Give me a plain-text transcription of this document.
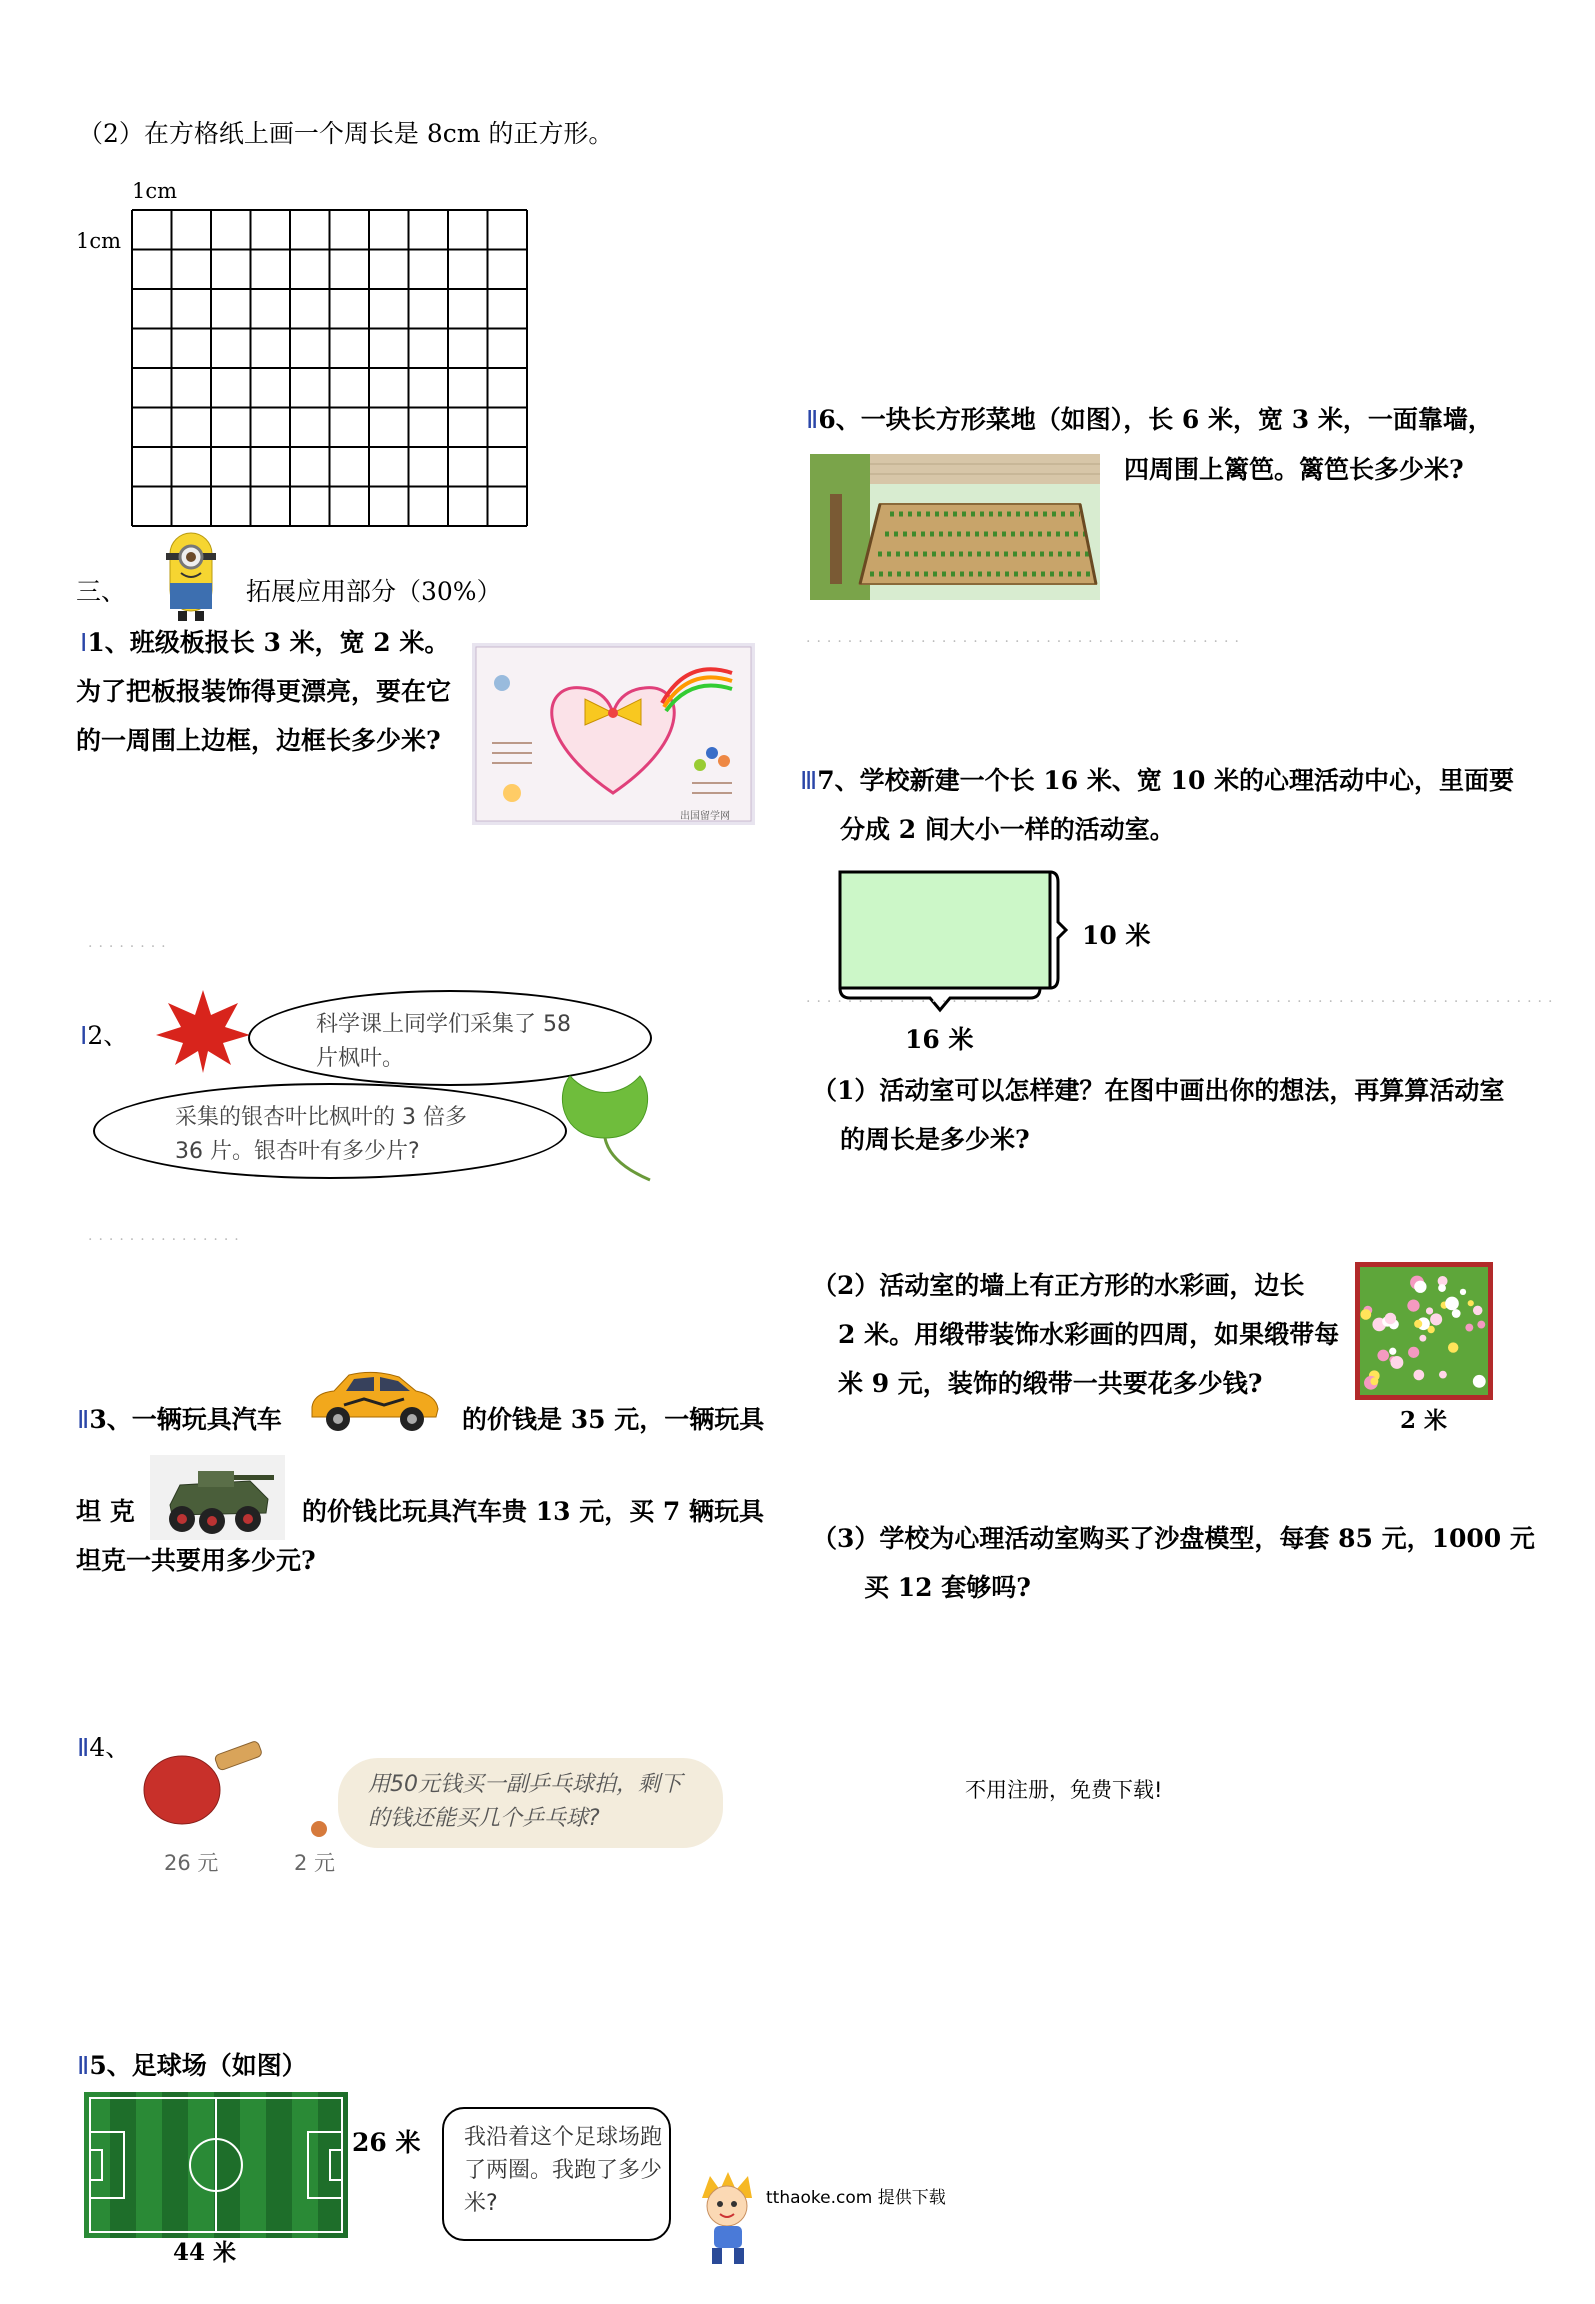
（2）在方格纸上画一个周长是 8cm 的正方形。
1cm
1cm
三、	拓展应用部分（30%）
Ⅰ1、班级板报长 3 米，宽 2 米。
为了把板报装饰得更漂亮，要在它
的一周围上边框，边框长多少米?
出国留学网
........
Ⅰ2、	科学课上同学们采集了 58 片枫叶。
采集的银杏叶比枫叶的 3 倍多 36 片。银杏叶有多少片?
...............
Ⅱ3、一辆玩具汽车	的价钱是 35 元，一辆玩具
坦 克	的价钱比玩具汽车贵 13 元，买 7 辆玩具
坦克一共要用多少元?
Ⅱ4、
26 元	2 元
用50元钱买一副乒乓球拍，剩下的钱还能买几个乒乓球?
Ⅱ5、足球场（如图）
26 米
44 米
我沿着这个足球场跑了两圈。我跑了多少米?	tthaoke.com 提供下载
Ⅱ6、一块长方形菜地（如图），长 6 米，宽 3 米，一面靠墙，
四周围上篱笆。篱笆长多少米?
..........................................
Ⅲ7、学校新建一个长 16 米、宽 10 米的心理活动中心，里面要
分成 2 间大小一样的活动室。
10 米
16 米
........................................................................
（1）活动室可以怎样建？在图中画出你的想法，再算算活动室
的周长是多少米?
（2）活动室的墙上有正方形的水彩画，边长
2 米。用缎带装饰水彩画的四周，如果缎带每
米 9 元，装饰的缎带一共要花多少钱?
2 米
（3）学校为心理活动室购买了沙盘模型，每套 85 元，1000 元
买 12 套够吗?
不用注册，免费下载!
